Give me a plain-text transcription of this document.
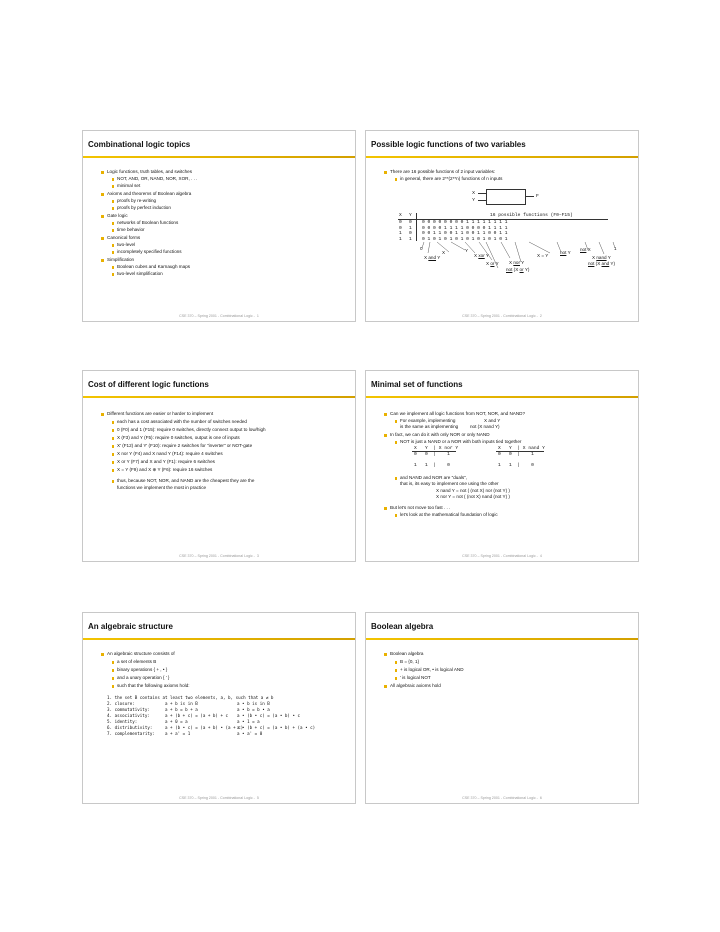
Combinational logic topics
Logic functions, truth tables, and switches
NOT, AND, OR, NAND, NOR, XOR, . . .
minimal set
Axioms and theorems of Boolean algebra
proofs by re-writing
proofs by perfect induction
Gate logic
networks of Boolean functions
time behavior
Canonical forms
two-level
incompletely specified functions
Simplification
Boolean cubes and Karnaugh maps
two-level simplification
CSE 370 – Spring 2001 - Combinational Logic - 1
Possible logic functions of two variables
There are 16 possible functions of 2 input variables:
in general, there are 2**(2**n) functions of n inputs
X
Y
F
X Y	16 possible functions (F0–F15)
0 0 0 0 0 0 0 0 0 0 1 1 1 1 1 1 1 1
0 1 0 0 0 0 1 1 1 1 0 0 0 0 1 1 1 1
1 0 0 0 1 1 0 0 1 1 0 0 1 1 0 0 1 1
1 1 0 1 0 1 0 1 0 1 0 1 0 1 0 1 0 1
0
X	Y
X and Y	X xor Y
X or Y X nor Y
not (X or Y)
X = Y
not Y
not X
X nand Y
not (X and Y)
1
CSE 370 – Spring 2001 - Combinational Logic - 2
Cost of different logic functions
Different functions are easier or harder to implement
each has a cost associated with the number of switches needed
0 (F0) and 1 (F15): require 0 switches, directly connect output to low/high
X (F3) and Y (F5): require 0 switches, output is one of inputs
X' (F12) and Y' (F10): require 2 switches for "inverter" or NOT-gate
X nor Y (F4) and X nand Y (F14): require 4 switches
X or Y (F7) and X and Y (F1): require 6 switches
X = Y (F9) and X ⊕ Y (F6): require 16 switches
thus, because NOT, NOR, and NAND are the cheapest they are the
functions we implement the most in practice
CSE 370 – Spring 2001 - Combinational Logic - 3
Minimal set of functions
Can we implement all logic functions from NOT, NOR, and NAND?
For example, implementing	X and Y
is the same as implementing	not (X nand Y)
In fact, we can do it with only NOR or only NAND
NOT is just a NAND or a NOR with both inputs tied together
X   Y  | X nor Y
0   0  |    1
1   1  |    0
X   Y  | X nand Y
0   0  |    1
1   1  |    0
and NAND and NOR are "duals",
that is, its easy to implement one using the other
X nand Y = not ( (not X) nor (not Y) )
X nor Y = not ( (not X) nand (not Y) )
But let's not move too fast . . .
let's look at the mathematical foundation of logic
CSE 370 – Spring 2001 - Combinational Logic - 4
An algebraic structure
An algebraic structure consists of
a set of elements B
binary operations { + , • }
and a unary operation { ' }
such that the following axioms hold:
1. the set B contains at least two elements, a, b, such that a ≠ b
2. closure:	a + b is in B	a • b is in B
3. commutativity:	a + b = b + a	a • b = b • a
4. associativity:	a + (b + c) = (a + b) + c a • (b • c) = (a • b) • c
5. identity:	a + 0 = a	a • 1 = a
6. distributivity:	a + (b • c) = (a + b) • (a + c)
a • (b + c) = (a • b) + (a • c)
7. complementarity: a + a' = 1	a • a' = 0
CSE 370 – Spring 2001 - Combinational Logic - 5
Boolean algebra
Boolean algebra
B = {0, 1}
+ is logical OR, • is logical AND
' is logical NOT
All algebraic axioms hold
CSE 370 – Spring 2001 - Combinational Logic - 6
